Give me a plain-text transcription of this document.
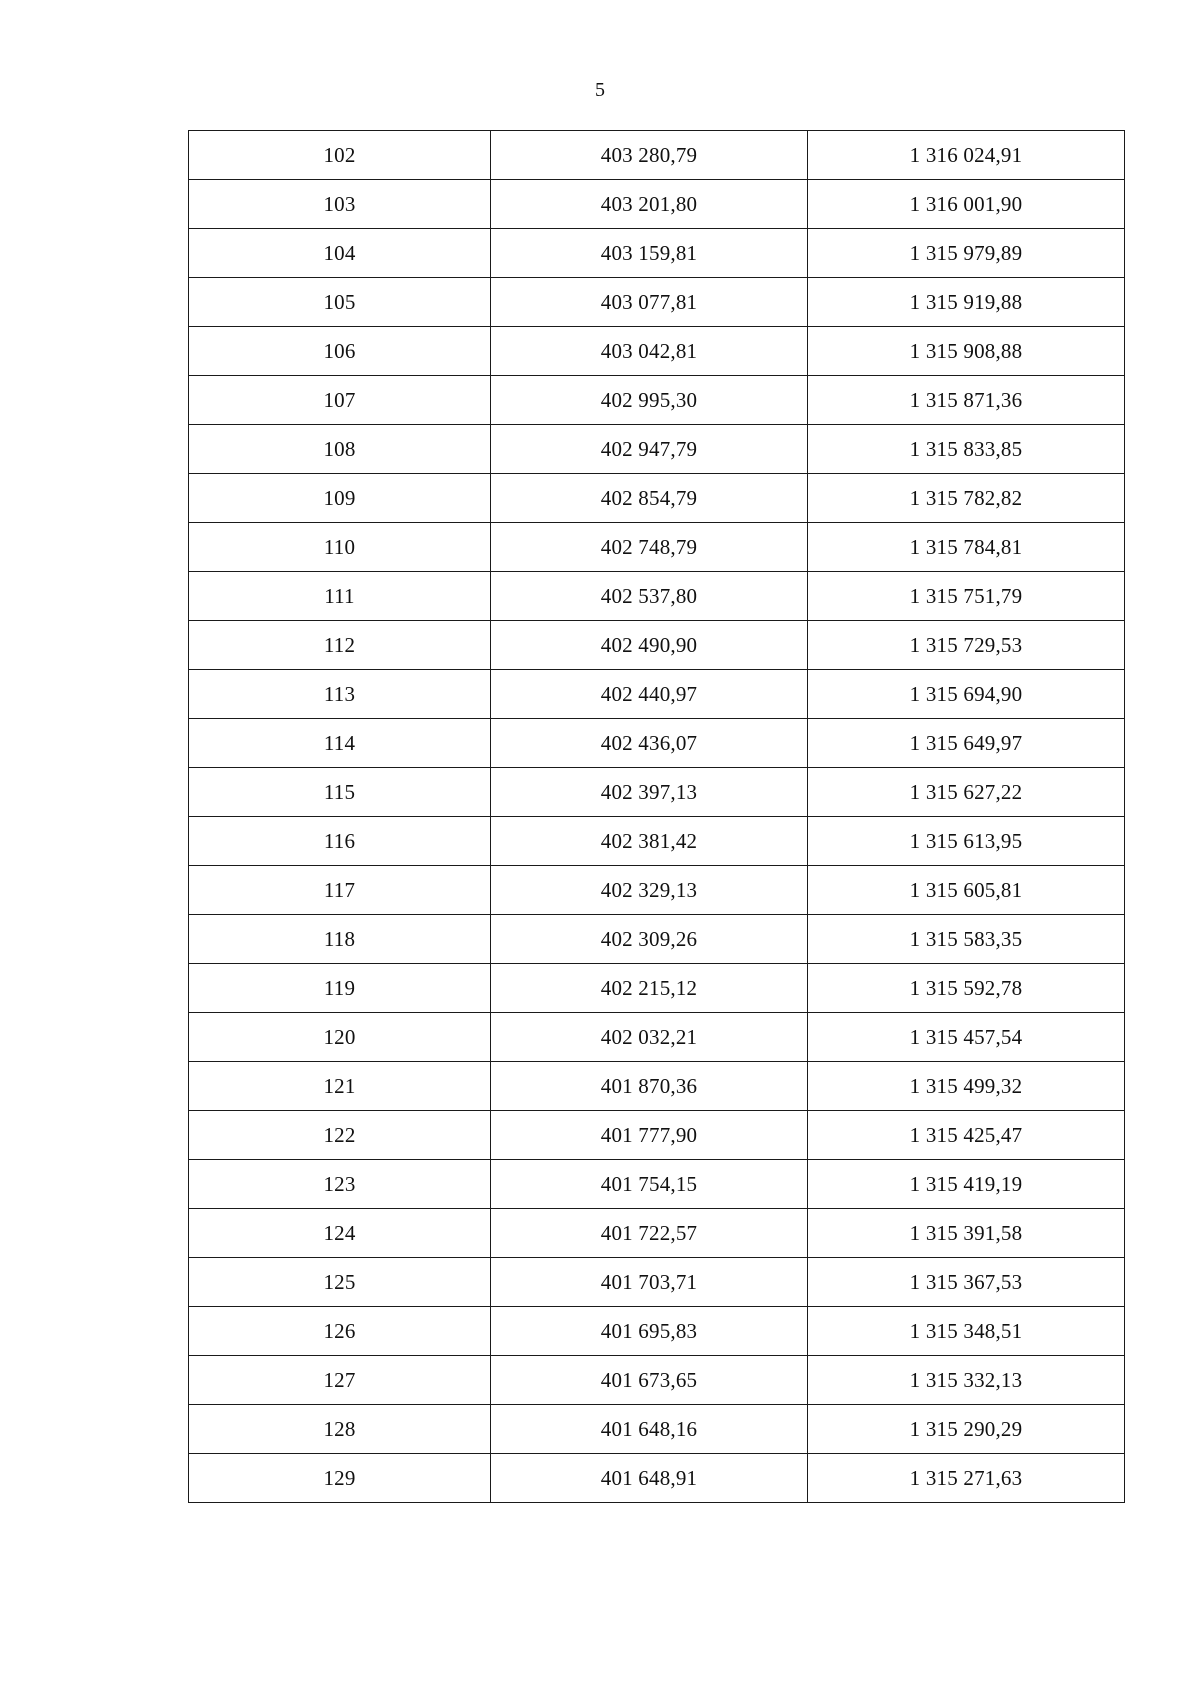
5
102	403 280,79	1 316 024,91
103	403 201,80	1 316 001,90
104	403 159,81	1 315 979,89
105	403 077,81	1 315 919,88
106	403 042,81	1 315 908,88
107	402 995,30	1 315 871,36
108	402 947,79	1 315 833,85
109	402 854,79	1 315 782,82
110	402 748,79	1 315 784,81
111	402 537,80	1 315 751,79
112	402 490,90	1 315 729,53
113	402 440,97	1 315 694,90
114	402 436,07	1 315 649,97
115	402 397,13	1 315 627,22
116	402 381,42	1 315 613,95
117	402 329,13	1 315 605,81
118	402 309,26	1 315 583,35
119	402 215,12	1 315 592,78
120	402 032,21	1 315 457,54
121	401 870,36	1 315 499,32
122	401 777,90	1 315 425,47
123	401 754,15	1 315 419,19
124	401 722,57	1 315 391,58
125	401 703,71	1 315 367,53
126	401 695,83	1 315 348,51
127	401 673,65	1 315 332,13
128	401 648,16	1 315 290,29
129	401 648,91	1 315 271,63
